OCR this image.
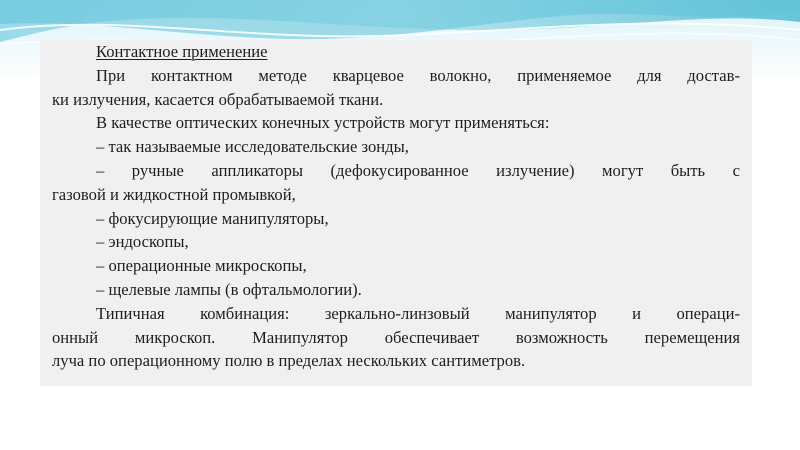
Контактное применение
При контактном методе кварцевое волокно, применяемое для достав-
ки излучения, касается обрабатываемой ткани.
В качестве оптических конечных устройств могут применяться:
– так называемые исследовательские зонды,
– ручные аппликаторы (дефокусированное излучение) могут быть с
газовой и жидкостной промывкой,
– фокусирующие манипуляторы,
– эндоскопы,
– операционные микроскопы,
– щелевые лампы (в офтальмологии).
Типичная комбинация: зеркально-линзовый манипулятор и операци-
онный микроскоп. Манипулятор обеспечивает возможность перемещения
луча по операционному полю в пределах нескольких сантиметров.
